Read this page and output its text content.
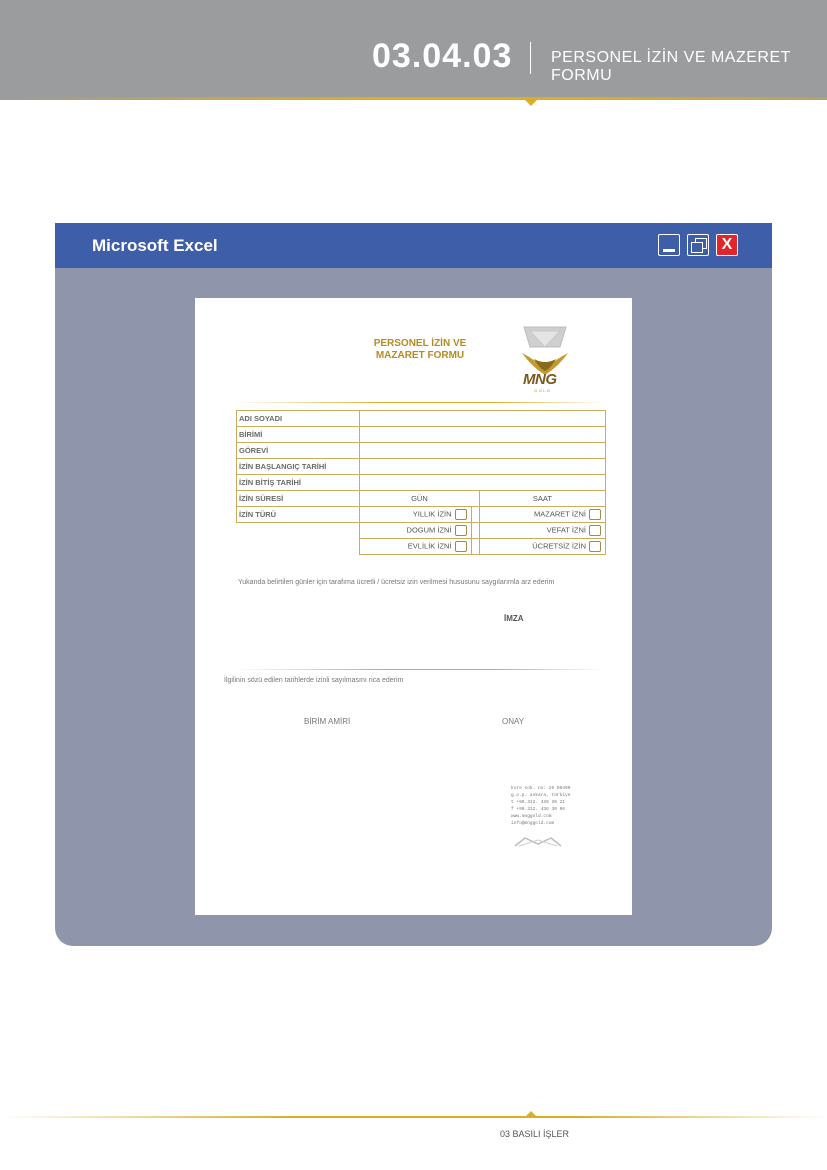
03.04.03 PERSONEL İZİN VE MAZERET FORMU
Microsoft Excel	X
PERSONEL İZİN VE
MAZARET FORMU
MNG
GOLD
ADI SOYADI			
BİRİMİ			
GÖREVİ			
İZİN BAŞLANGIÇ TARİHİ			
İZİN BİTİŞ TARİHİ			
İZİN SÜRESİ	GÜN		SAAT
İZİN TÜRÜ	YILLIK İZİN		MAZARET İZNİ
	DOGUM İZNİ		VEFAT İZNİ
	EVLİLİK İZNİ		ÜCRETSİZ İZİN
Yukanda belirtilen günler için tarafıma ücretli / ücretsiz izin verilmesi hususunu saygılarımla arz ederim
İMZA
İlgilinin sözü edilen tarihlerde izinli sayılmasını rica ederim
BİRİM AMİRİ	ONAY
kore sok. no: 25 06490
g.o.p. ankara, türkiye
t +90.312. 436 30 21
f +90.312. 436 30 96
www.mnggold.com
info@mnggold.com
03 BASILI İŞLER
